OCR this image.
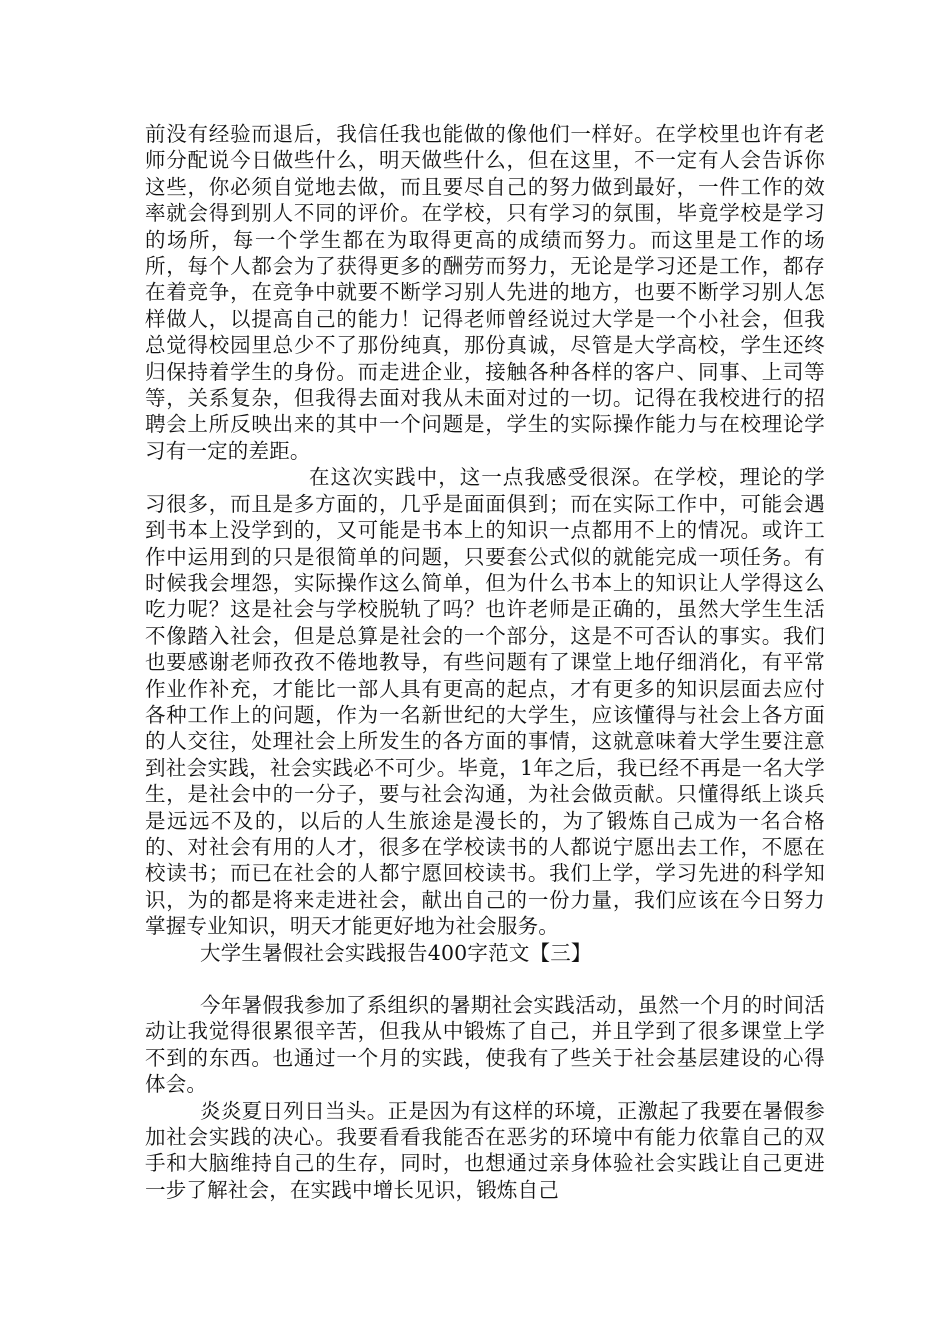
前没有经验而退后，我信任我也能做的像他们一样好。在学校里也许有老师分配说今日做些什么，明天做些什么，但在这里，不一定有人会告诉你这些，你必须自觉地去做，而且要尽自己的努力做到最好，一件工作的效率就会得到别人不同的评价。在学校，只有学习的氛围，毕竟学校是学习的场所，每一个学生都在为取得更高的成绩而努力。而这里是工作的场所，每个人都会为了获得更多的酬劳而努力，无论是学习还是工作，都存在着竞争，在竞争中就要不断学习别人先进的地方，也要不断学习别人怎样做人，以提高自己的能力！记得老师曾经说过大学是一个小社会，但我总觉得校园里总少不了那份纯真，那份真诚，尽管是大学高校，学生还终归保持着学生的身份。而走进企业，接触各种各样的客户、同事、上司等等，关系复杂，但我得去面对我从未面对过的一切。记得在我校进行的招聘会上所反映出来的其中一个问题是，学生的实际操作能力与在校理论学习有一定的差距。

在这次实践中，这一点我感受很深。在学校，理论的学习很多，而且是多方面的，几乎是面面俱到；而在实际工作中，可能会遇到书本上没学到的，又可能是书本上的知识一点都用不上的情况。或许工作中运用到的只是很简单的问题，只要套公式似的就能完成一项任务。有时候我会埋怨，实际操作这么简单，但为什么书本上的知识让人学得这么吃力呢？这是社会与学校脱轨了吗？也许老师是正确的，虽然大学生生活不像踏入社会，但是总算是社会的一个部分，这是不可否认的事实。我们也要感谢老师孜孜不倦地教导，有些问题有了课堂上地仔细消化，有平常作业作补充，才能比一部人具有更高的起点，才有更多的知识层面去应付各种工作上的问题，作为一名新世纪的大学生，应该懂得与社会上各方面的人交往，处理社会上所发生的各方面的事情，这就意味着大学生要注意到社会实践，社会实践必不可少。毕竟，1年之后，我已经不再是一名大学生，是社会中的一分子，要与社会沟通，为社会做贡献。只懂得纸上谈兵是远远不及的，以后的人生旅途是漫长的，为了锻炼自己成为一名合格的、对社会有用的人才，很多在学校读书的人都说宁愿出去工作，不愿在校读书；而已在社会的人都宁愿回校读书。我们上学，学习先进的科学知识，为的都是将来走进社会，献出自己的一份力量，我们应该在今日努力掌握专业知识，明天才能更好地为社会服务。

大学生暑假社会实践报告400字范文【三】

今年暑假我参加了系组织的暑期社会实践活动，虽然一个月的时间活动让我觉得很累很辛苦，但我从中锻炼了自己，并且学到了很多课堂上学不到的东西。也通过一个月的实践，使我有了些关于社会基层建设的心得体会。

炎炎夏日列日当头。正是因为有这样的环境，正激起了我要在暑假参加社会实践的决心。我要看看我能否在恶劣的环境中有能力依靠自己的双手和大脑维持自己的生存，同时，也想通过亲身体验社会实践让自己更进一步了解社会，在实践中增长见识，锻炼自己
